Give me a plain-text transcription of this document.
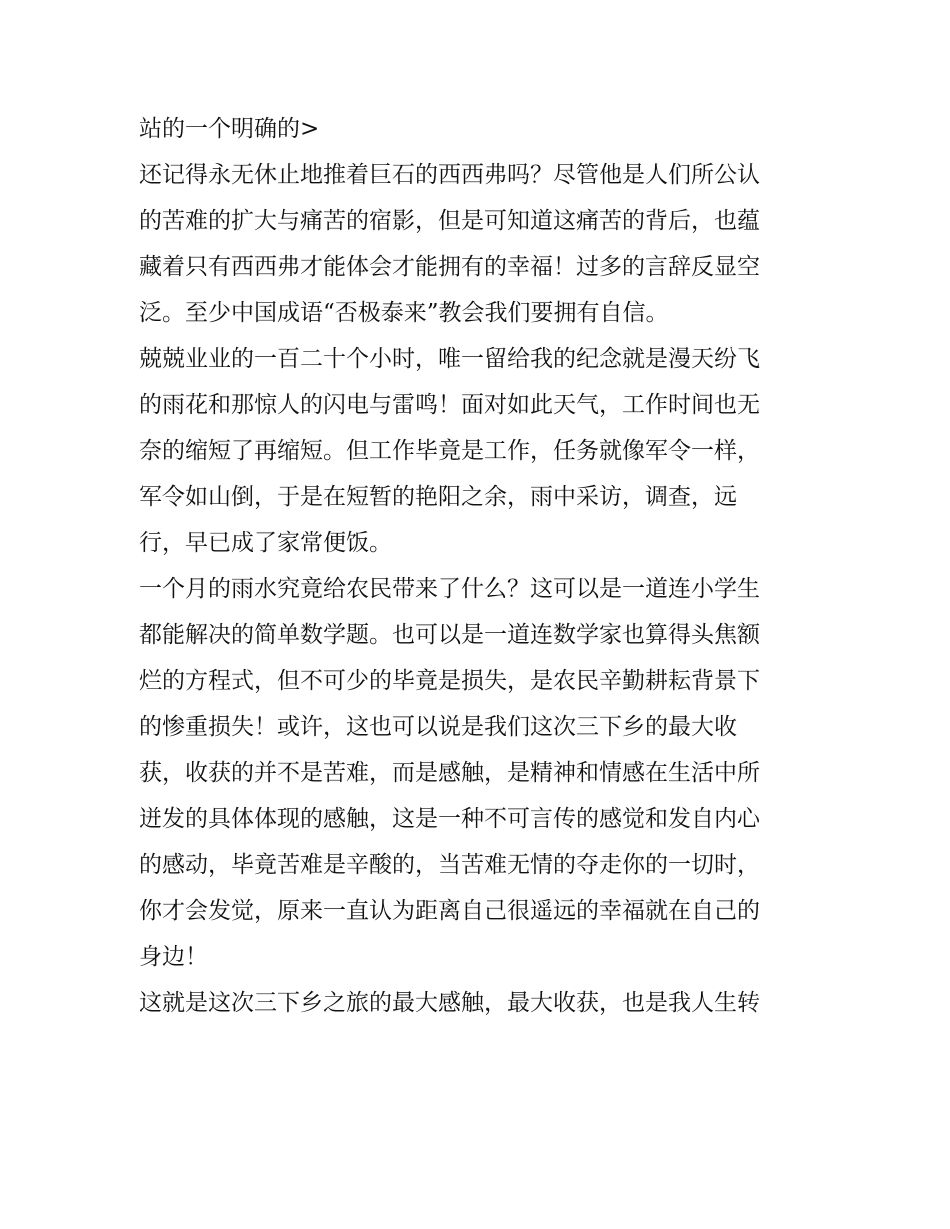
站的一个明确的>
还记得永无休止地推着巨石的西西弗吗？尽管他是人们所公认
的苦难的扩大与痛苦的宿影，但是可知道这痛苦的背后，也蕴
藏着只有西西弗才能体会才能拥有的幸福！过多的言辞反显空
泛。至少中国成语“否极泰来”教会我们要拥有自信。
兢兢业业的一百二十个小时，唯一留给我的纪念就是漫天纷飞
的雨花和那惊人的闪电与雷鸣！面对如此天气，工作时间也无
奈的缩短了再缩短。但工作毕竟是工作，任务就像军令一样，
军令如山倒，于是在短暂的艳阳之余，雨中采访，调查，远
行，早已成了家常便饭。
一个月的雨水究竟给农民带来了什么？这可以是一道连小学生
都能解决的简单数学题。也可以是一道连数学家也算得头焦额
烂的方程式，但不可少的毕竟是损失，是农民辛勤耕耘背景下
的惨重损失！或许，这也可以说是我们这次三下乡的最大收
获，收获的并不是苦难，而是感触，是精神和情感在生活中所
迸发的具体体现的感触，这是一种不可言传的感觉和发自内心
的感动，毕竟苦难是辛酸的，当苦难无情的夺走你的一切时，
你才会发觉，原来一直认为距离自己很遥远的幸福就在自己的
身边！
这就是这次三下乡之旅的最大感触，最大收获，也是我人生转
